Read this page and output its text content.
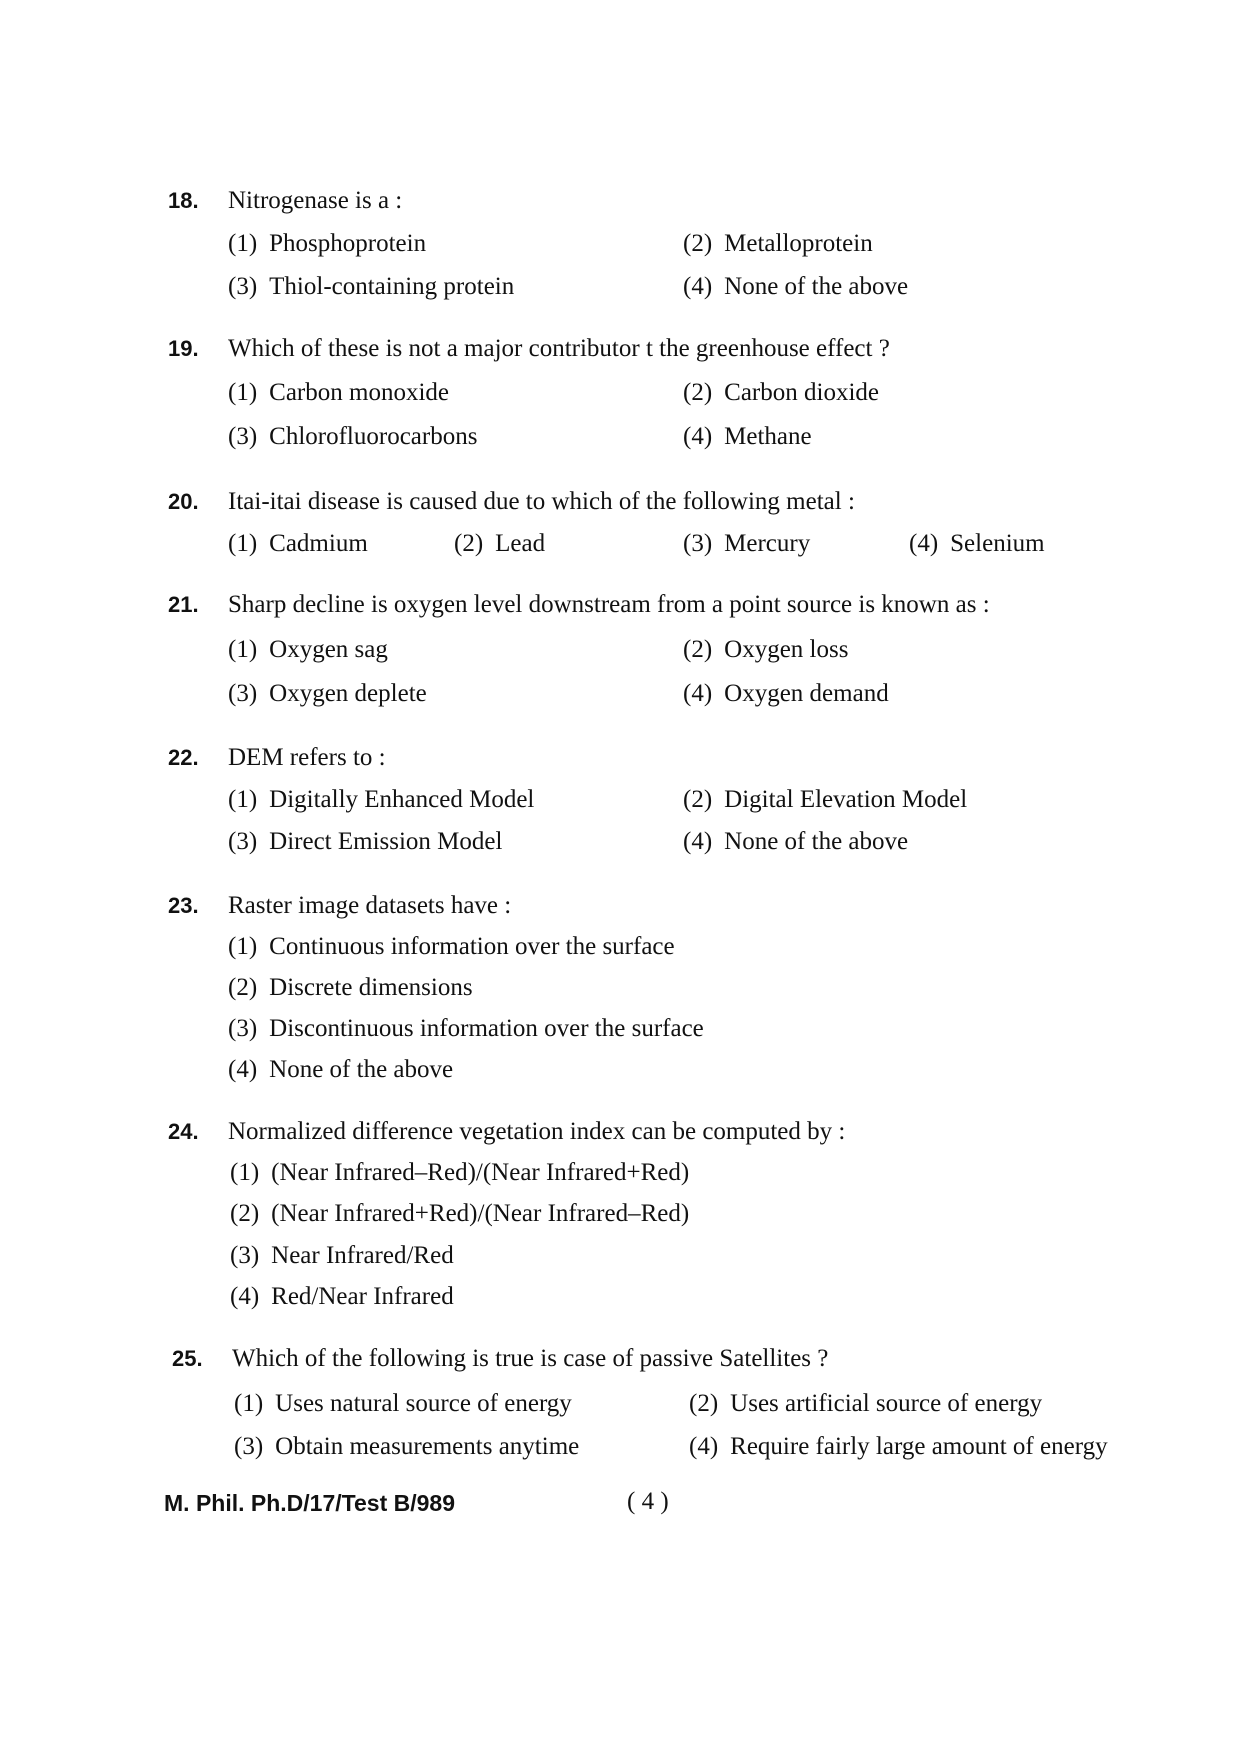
18.	Nitrogenase is a :
(1) Phosphoprotein	(2) Metalloprotein
(3) Thiol-containing protein	(4) None of the above
19.	Which of these is not a major contributor t the greenhouse effect ?
(1) Carbon monoxide	(2) Carbon dioxide
(3) Chlorofluorocarbons	(4) Methane
20.	Itai-itai disease is caused due to which of the following metal :
(1) Cadmium	(2) Lead	(3) Mercury	(4) Selenium
21.	Sharp decline is oxygen level downstream from a point source is known as :
(1) Oxygen sag	(2) Oxygen loss
(3) Oxygen deplete	(4) Oxygen demand
22.	DEM refers to :
(1) Digitally Enhanced Model	(2) Digital Elevation Model
(3) Direct Emission Model	(4) None of the above
23.	Raster image datasets have :
(1) Continuous information over the surface
(2) Discrete dimensions
(3) Discontinuous information over the surface
(4) None of the above
24.	Normalized difference vegetation index can be computed by :
(1) (Near Infrared–Red)/(Near Infrared+Red)
(2) (Near Infrared+Red)/(Near Infrared–Red)
(3) Near Infrared/Red
(4) Red/Near Infrared
25.	Which of the following is true is case of passive Satellites ?
(1) Uses natural source of energy	(2) Uses artificial source of energy
(3) Obtain measurements anytime	(4) Require fairly large amount of energy
M. Phil. Ph.D/17/Test B/989	( 4 )
